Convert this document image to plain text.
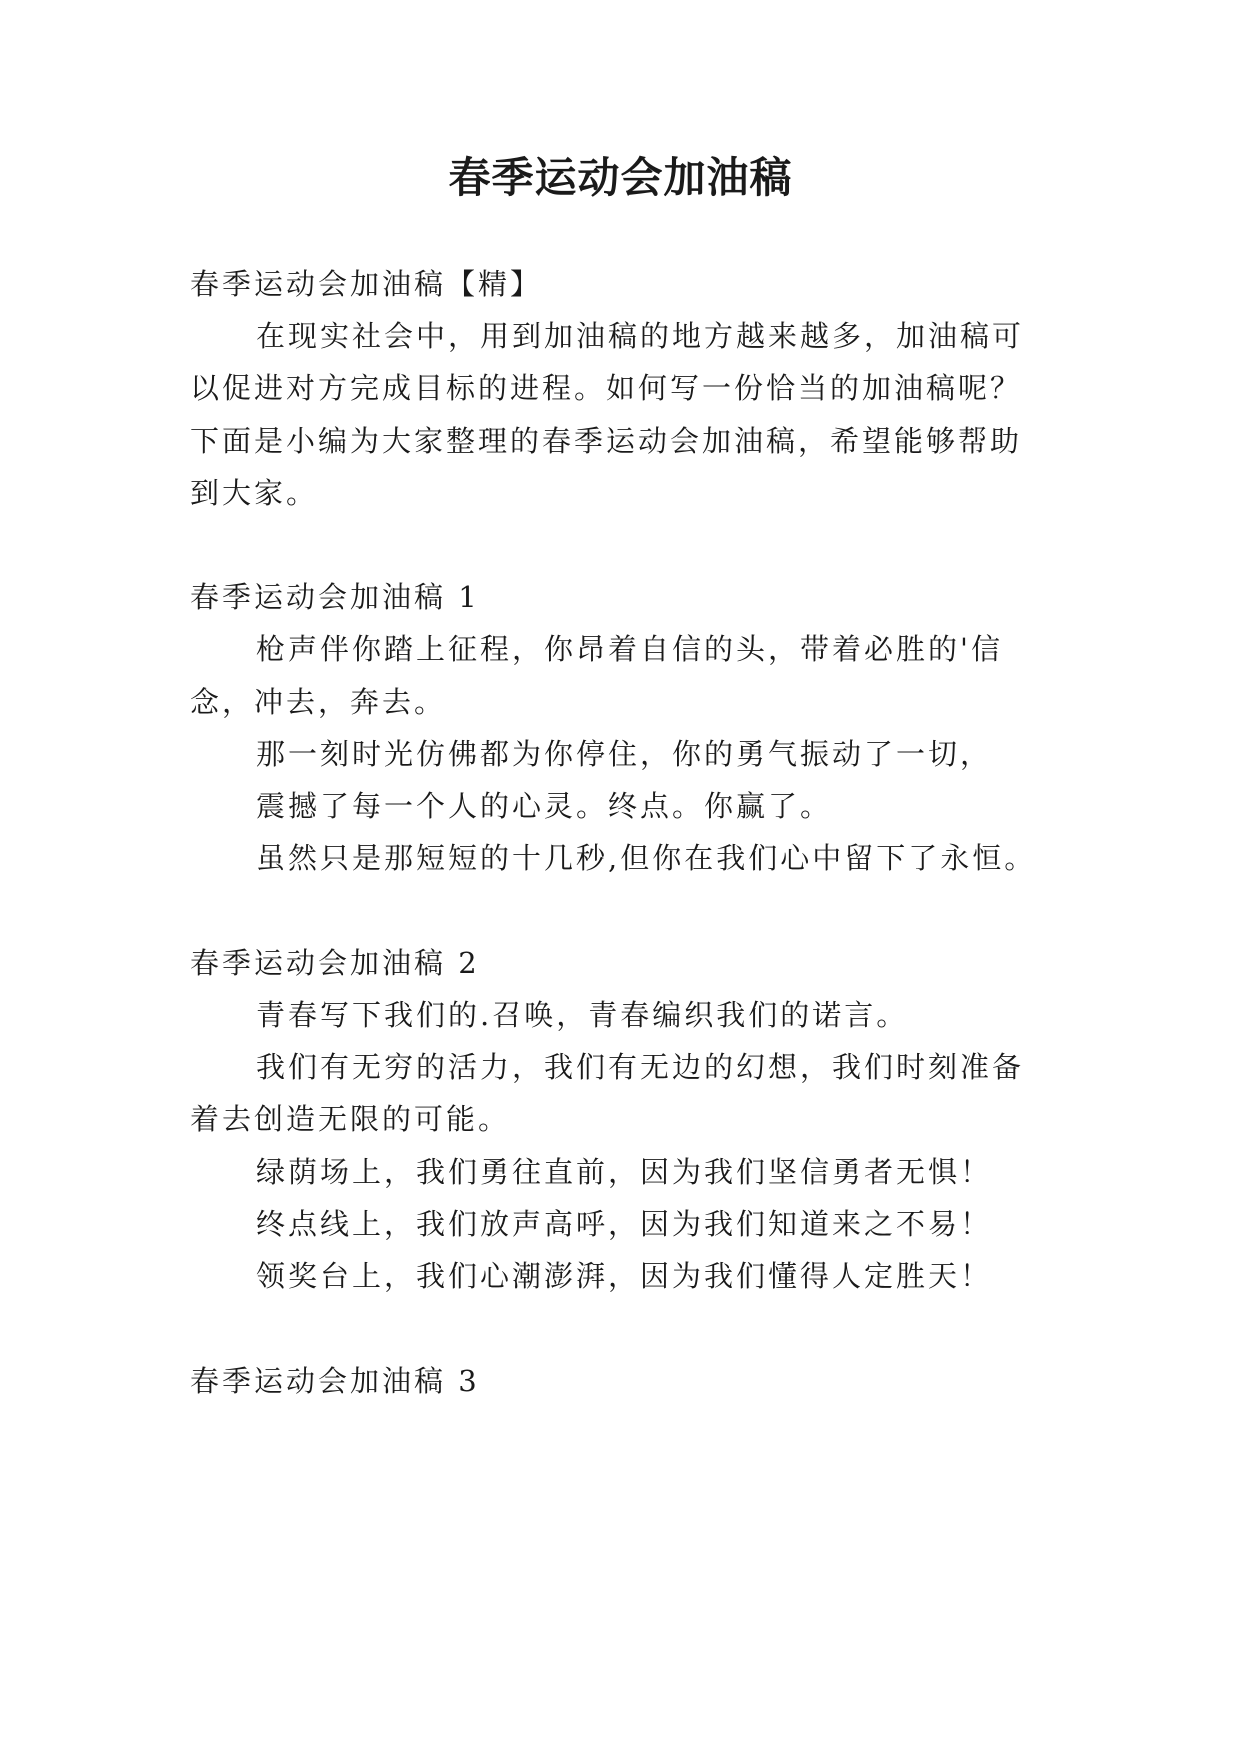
春季运动会加油稿
春季运动会加油稿【精】
在现实社会中，用到加油稿的地方越来越多，加油稿可
以促进对方完成目标的进程。如何写一份恰当的加油稿呢？
下面是小编为大家整理的春季运动会加油稿，希望能够帮助
到大家。
春季运动会加油稿 1
枪声伴你踏上征程，你昂着自信的头，带着必胜的'信
念，冲去，奔去。
那一刻时光仿佛都为你停住，你的勇气振动了一切，
震撼了每一个人的心灵。终点。你赢了。
虽然只是那短短的十几秒,但你在我们心中留下了永恒。
春季运动会加油稿 2
青春写下我们的.召唤，青春编织我们的诺言。
我们有无穷的活力，我们有无边的幻想，我们时刻准备
着去创造无限的可能。
绿荫场上，我们勇往直前，因为我们坚信勇者无惧！
终点线上，我们放声高呼，因为我们知道来之不易！
领奖台上，我们心潮澎湃，因为我们懂得人定胜天！
春季运动会加油稿 3
